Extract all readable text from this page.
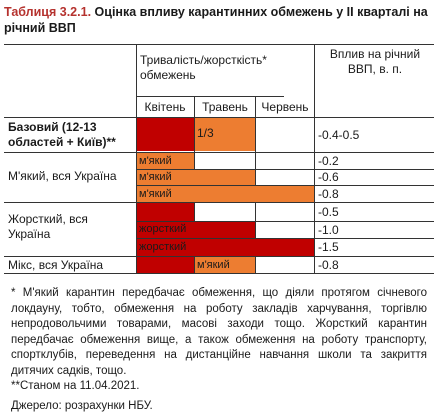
Таблиця 3.2.1. Оцінка впливу карантинних обмежень у II кварталі на річний ВВП
Тривалість/жорсткість* обмежень
Вплив на річний ВВП, в. п.
Квітень	Травень	Червень
Базовий (12-13 областей + Київ)**
М'який, вся Україна
Жорсткий, вся Україна
Мікс, вся Україна
1/3
м'який
м'який
м'який
жорсткий
жорсткий
м'який
-0.4-0.5
-0.2
-0.6
-0.8
-0.5
-1.0
-1.5
-0.8

* М'який карантин передбачає обмеження, що діяли протягом січневого локдауну, тобто, обмеження на роботу закладів харчування, торгівлю непродовольчими товарами, масові заходи тощо. Жорсткий карантин передбачає обмеження вище, а також обмеження на роботу транспорту, спортклубів, переведення на дистанційне навчання школи та закриття дитячих садків, тощо.

**Станом на 11.04.2021.
Джерело: розрахунки НБУ.
